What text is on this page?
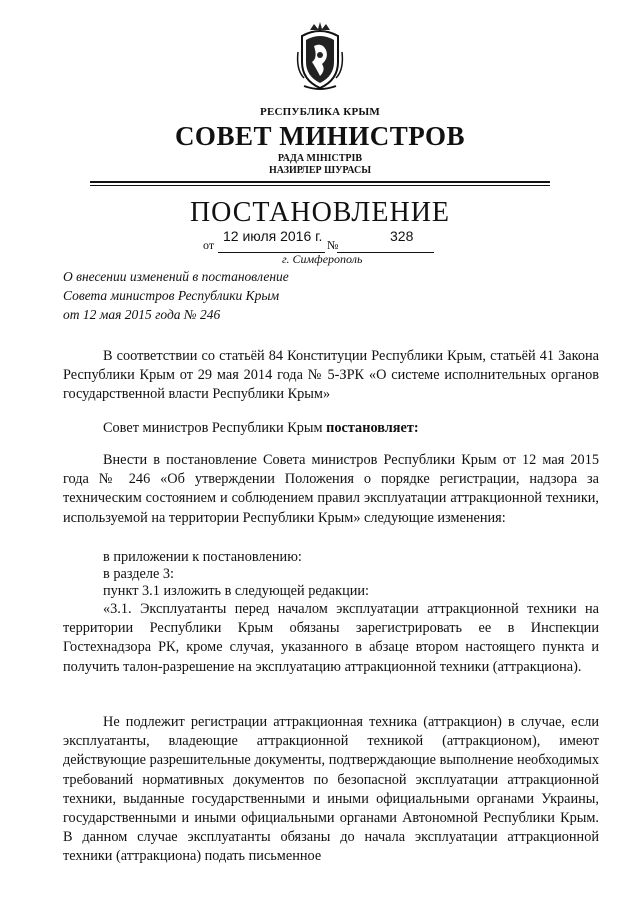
РЕСПУБЛИКА КРЫМ
СОВЕТ МИНИСТРОВ
РАДА МІНІСТРІВ
НАЗИРЛЕР ШУРАСЫ
ПОСТАНОВЛЕНИЕ
от
12 июля 2016 г.
№
328
г. Симферополь
О внесении изменений в постановление
Совета министров Республики Крым
от 12 мая 2015 года № 246
В соответствии со статьёй 84 Конституции Республики Крым, статьёй 41 Закона Республики Крым от 29 мая 2014 года № 5-ЗРК «О системе исполнительных органов государственной власти Республики Крым»
Совет министров Республики Крым постановляет:
Внести в постановление Совета министров Республики Крым от 12 мая 2015 года № 246 «Об утверждении Положения о порядке регистрации, надзора за техническим состоянием и соблюдением правил эксплуатации аттракционной техники, используемой на территории Республики Крым» следующие изменения:
в приложении к постановлению:
в разделе 3:
пункт 3.1 изложить в следующей редакции:
«3.1. Эксплуатанты перед началом эксплуатации аттракционной техники на территории Республики Крым обязаны зарегистрировать ее в Инспекции Гостехнадзора РК, кроме случая, указанного в абзаце втором настоящего пункта и получить талон-разрешение на эксплуатацию аттракционной техники (аттракциона).
Не подлежит регистрации аттракционная техника (аттракцион) в случае, если эксплуатанты, владеющие аттракционной техникой (аттракционом), имеют действующие разрешительные документы, подтверждающие выполнение необходимых требований нормативных документов по безопасной эксплуатации аттракционной техники, выданные государственными и иными официальными органами Украины, государственными и иными официальными органами Автономной Республики Крым. В данном случае эксплуатанты обязаны до начала эксплуатации аттракционной техники (аттракциона) подать письменное
